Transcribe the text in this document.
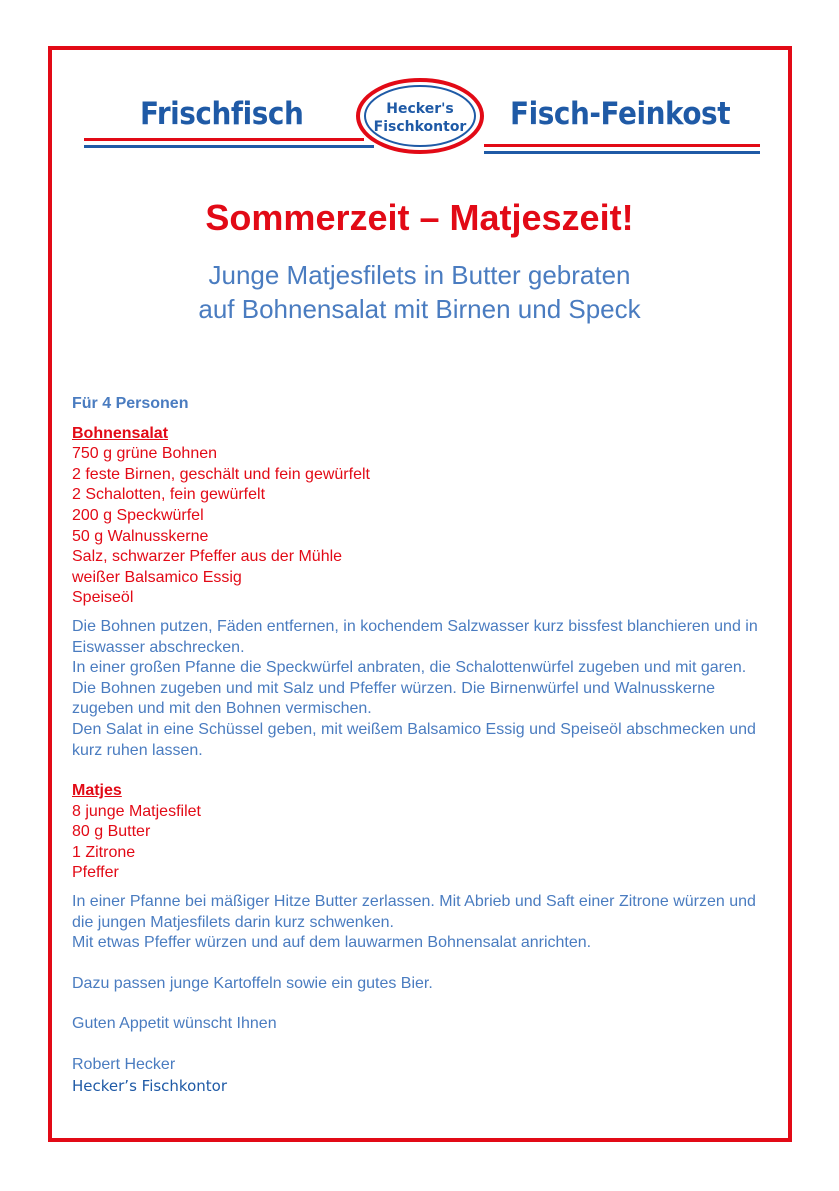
Frischfisch	Fisch-Feinkost
Hecker's
Fischkontor
Sommerzeit – Matjeszeit!

Junge Matjesfilets in Butter gebraten

auf Bohnensalat mit Birnen und Speck

Für 4 Personen

Bohnensalat

750 g grüne Bohnen
2 feste Birnen, geschält und fein gewürfelt
2 Schalotten, fein gewürfelt
200 g Speckwürfel
50 g Walnusskerne
Salz, schwarzer Pfeffer aus der Mühle
weißer Balsamico Essig
Speiseöl

Die Bohnen putzen, Fäden entfernen, in kochendem Salzwasser kurz bissfest blanchieren und in Eiswasser abschrecken.

In einer großen Pfanne die Speckwürfel anbraten, die Schalottenwürfel zugeben und mit garen. Die Bohnen zugeben und mit Salz und Pfeffer würzen. Die Birnenwürfel und Walnusskerne zugeben und mit den Bohnen vermischen.

Den Salat in eine Schüssel geben, mit weißem Balsamico Essig und Speiseöl abschmecken und kurz ruhen lassen.

Matjes

8 junge Matjesfilet
80 g Butter
1 Zitrone
Pfeffer

In einer Pfanne bei mäßiger Hitze Butter zerlassen. Mit Abrieb und Saft einer Zitrone würzen und die jungen Matjesfilets darin kurz schwenken.

Mit etwas Pfeffer würzen und auf dem lauwarmen Bohnensalat anrichten.

Dazu passen junge Kartoffeln sowie ein gutes Bier.

Guten Appetit wünscht Ihnen

Robert Hecker

Hecker’s Fischkontor
